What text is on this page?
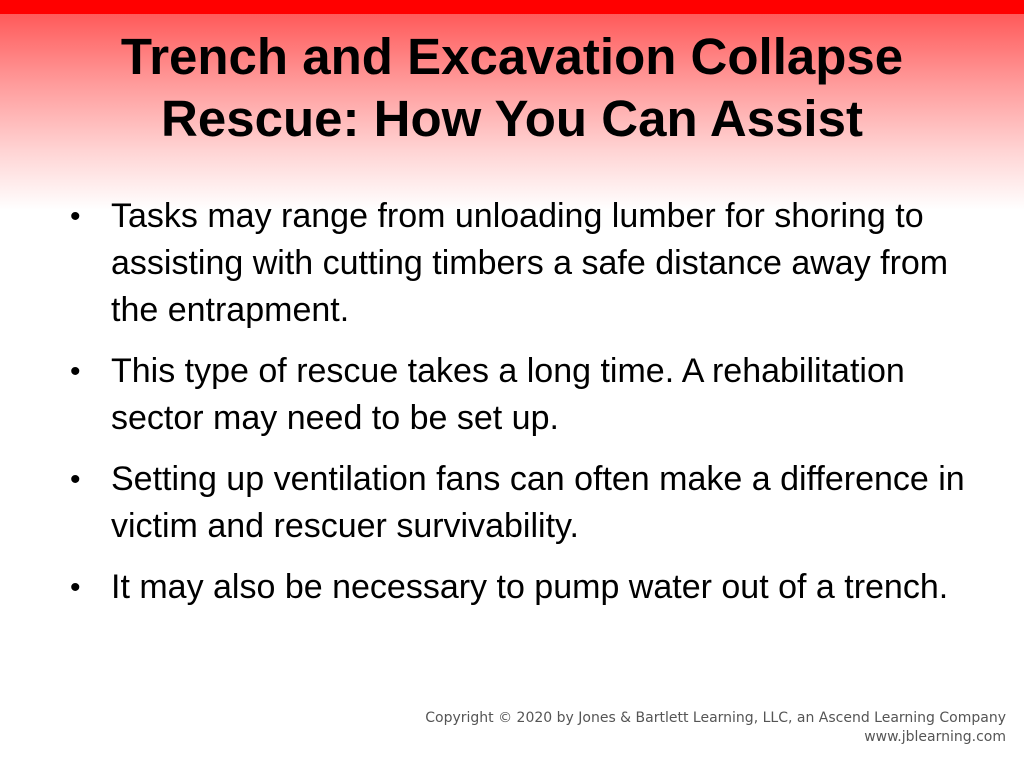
Trench and Excavation Collapse
Rescue: How You Can Assist
• Tasks may range from unloading lumber for shoring to assisting with cutting timbers a safe distance away from the entrapment.
• This type of rescue takes a long time. A rehabilitation sector may need to be set up.
• Setting up ventilation fans can often make a difference in victim and rescuer survivability.
• It may also be necessary to pump water out of a trench.
Copyright © 2020 by Jones & Bartlett Learning, LLC, an Ascend Learning Company
www.jblearning.com
